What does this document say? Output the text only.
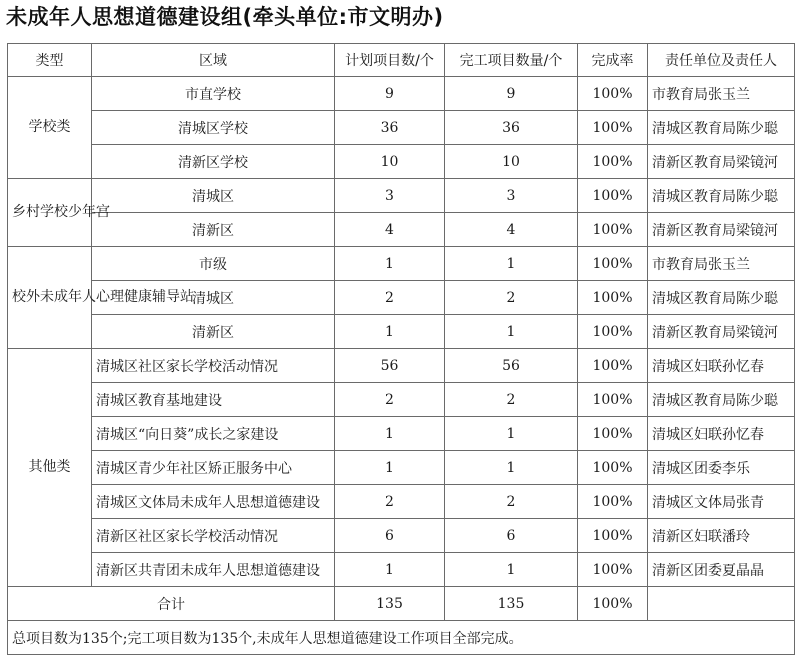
未成年人思想道德建设组(牵头单位:市文明办)
类型	区域	计划项目数/个	完工项目数量/个	完成率	责任单位及责任人
学校类	市直学校	9	9	100%	市教育局张玉兰
	清城区学校	36	36	100%	清城区教育局陈少聪
	清新区学校	10	10	100%	清新区教育局梁镜河
乡村学校少年宫	清城区	3	3	100%	清城区教育局陈少聪
	清新区	4	4	100%	清新区教育局梁镜河
校外未成年人心理健康辅导站	市级	1	1	100%	市教育局张玉兰
	清城区	2	2	100%	清城区教育局陈少聪
	清新区	1	1	100%	清新区教育局梁镜河
其他类	清城区社区家长学校活动情况	56	56	100%	清城区妇联孙忆春
	清城区教育基地建设	2	2	100%	清城区教育局陈少聪
	清城区“向日葵”成长之家建设	1	1	100%	清城区妇联孙忆春
	清城区青少年社区矫正服务中心	1	1	100%	清城区团委李乐
	清城区文体局未成年人思想道德建设	2	2	100%	清城区文体局张青
	清新区社区家长学校活动情况	6	6	100%	清新区妇联潘玲
	清新区共青团未成年人思想道德建设	1	1	100%	清新区团委夏晶晶
合计		135	135	100%	
总项目数为135个;完工项目数为135个,未成年人思想道德建设工作项目全部完成。					
